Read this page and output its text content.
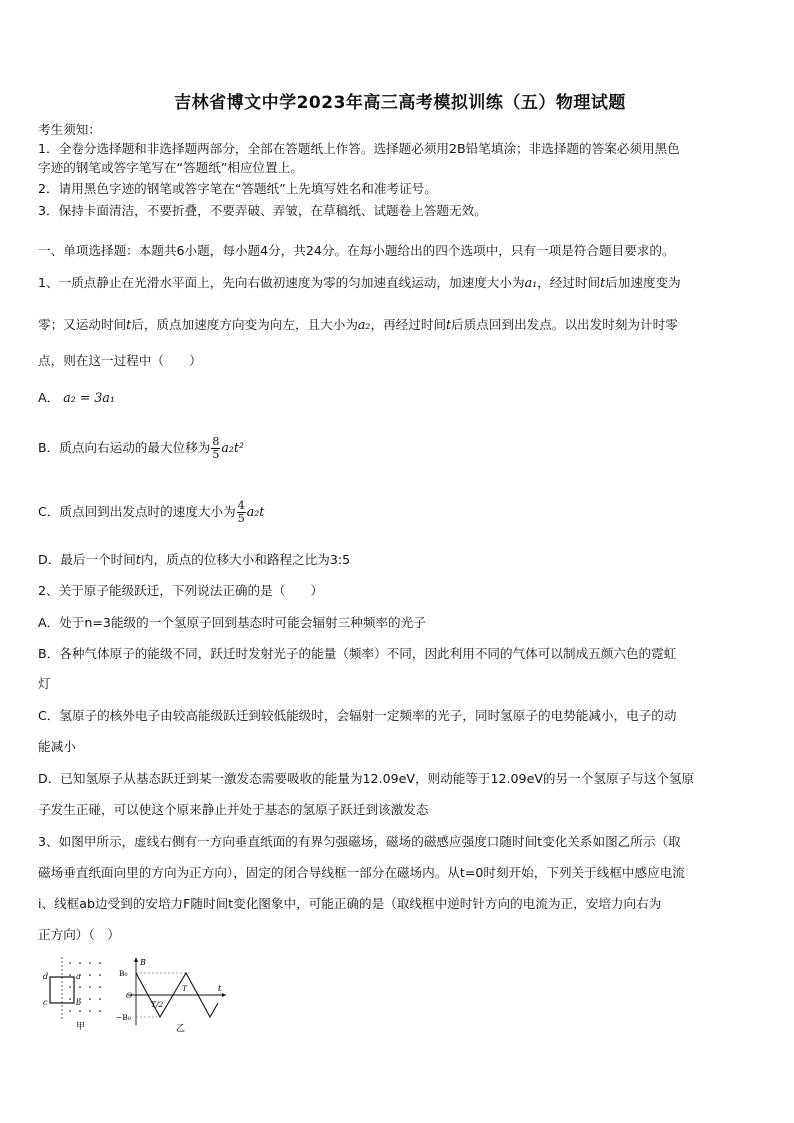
吉林省博文中学2023年高三高考模拟训练（五）物理试题
考生须知：
1．全卷分选择题和非选择题两部分，全部在答题纸上作答。选择题必须用2B铅笔填涂；非选择题的答案必须用黑色
字迹的钢笔或答字笔写在“答题纸”相应位置上。
2．请用黑色字迹的钢笔或答字笔在“答题纸”上先填写姓名和准考证号。
3．保持卡面清洁，不要折叠，不要弄破、弄皱，在草稿纸、试题卷上答题无效。
一、单项选择题：本题共6小题，每小题4分，共24分。在每小题给出的四个选项中，只有一项是符合题目要求的。
1、一质点静止在光滑水平面上，先向右做初速度为零的匀加速直线运动，加速度大小为a₁，经过时间t后加速度变为
零；又运动时间t后，质点加速度方向变为向左，且大小为a₂，再经过时间t后质点回到出发点。以出发时刻为计时零
点，则在这一过程中（　　）
A． a₂ = 3a₁
B．质点向右运动的最大位移为 $\frac{8}{5} a_2t^2$
C．质点回到出发点时的速度大小为 $\frac{4}{5} a_2t$
D．最后一个时间t内，质点的位移大小和路程之比为3:5
2、关于原子能级跃迁，下列说法正确的是（　　）
A．处于n=3能级的一个氢原子回到基态时可能会辐射三种频率的光子
B．各种气体原子的能级不同，跃迁时发射光子的能量（频率）不同，因此利用不同的气体可以制成五颜六色的霓虹
灯
C．氢原子的核外电子由较高能级跃迁到较低能级时，会辐射一定频率的光子，同时氢原子的电势能减小，电子的动
能减小
D．已知氢原子从基态跃迁到某一激发态需要吸收的能量为12.09eV，则动能等于12.09eV的另一个氢原子与这个氢原
子发生正碰，可以使这个原来静止并处于基态的氢原子跃迁到该激发态
3、如图甲所示，虚线右侧有一方向垂直纸面的有界匀强磁场，磁场的磁感应强度口随时间t变化关系如图乙所示（取
磁场垂直纸面向里的方向为正方向），固定的闭合导线框一部分在磁场内。从t=0时刻开始，下列关于线框中感应电流
i、线框ab边受到的安培力F随时间t变化图象中，可能正确的是（取线框中逆时针方向的电流为正，安培力向右为
正方向）（　）
d	a
c	b
甲
B
B₀
O
−B₀
T/2
T	t
乙
